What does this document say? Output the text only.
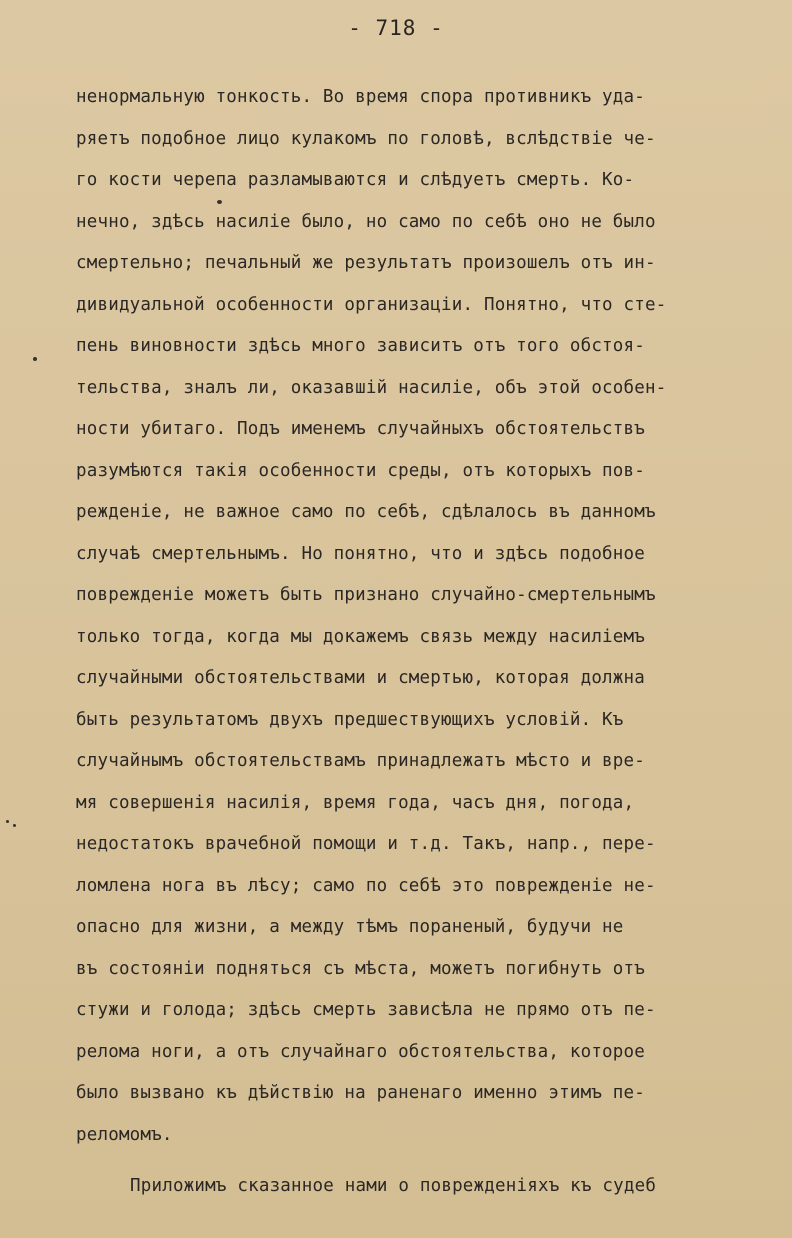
- 718 -
ненормальную тонкость. Во время спора противникъ уда-
ряетъ подобное лицо кулакомъ по головѣ, вслѣдствіе че-
го кости черепа разламываются и слѣдуетъ смерть. Ко-
нечно, здѣсь насиліе было, но само по себѣ оно не было
смертельно; печальный же результатъ произошелъ отъ ин-
дивидуальной особенности организаціи. Понятно, что сте-
пень виновности здѣсь много зависитъ отъ того обстоя-
тельства, зналъ ли, оказавшій насиліе, объ этой особен-
ности убитаго. Подъ именемъ случайныхъ обстоятельствъ
разумѣются такія особенности среды, отъ которыхъ пов-
режденіе, не важное само по себѣ, сдѣлалось въ данномъ
случаѣ смертельнымъ. Но понятно, что и здѣсь подобное
поврежденіе можетъ быть признано случайно-смертельнымъ
только тогда, когда мы докажемъ связь между насиліемъ
случайными обстоятельствами и смертью, которая должна
быть результатомъ двухъ предшествующихъ условій. Къ
случайнымъ обстоятельствамъ принадлежатъ мѣсто и вре-
мя совершенія насилія, время года, часъ дня, погода,
недостатокъ врачебной помощи и т.д. Такъ, напр., пере-
ломлена нога въ лѣсу; само по себѣ это поврежденіе не-
опасно для жизни, а между тѣмъ пораненый, будучи не
въ состояніи подняться съ мѣста, можетъ погибнуть отъ
стужи и голода; здѣсь смерть зависѣла не прямо отъ пе-
релома ноги, а отъ случайнаго обстоятельства, которое
было вызвано къ дѣйствію на раненаго именно этимъ пе-
реломомъ.
Приложимъ сказанное нами о поврежденіяхъ къ судеб
